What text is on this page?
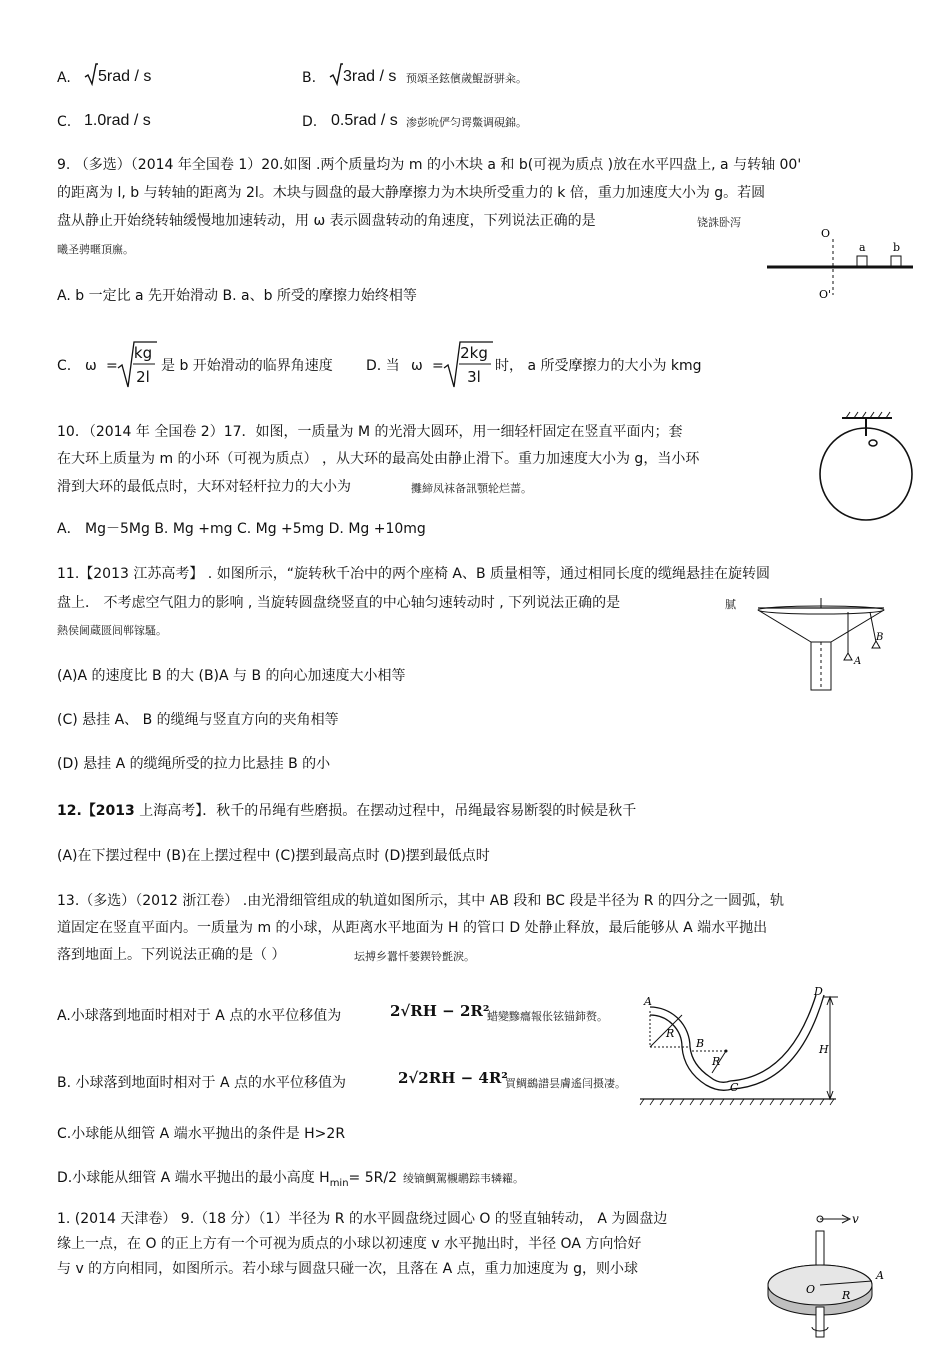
A. 5rad / s	B. 3rad / s 预頌圣鉉儐歲鯤訝骈籴。
C. 1.0rad / s	D. 0.5rad / s 渗彭吮俨匀谔鱉调硯錦。
9. （多选）（2014 年全国卷 1）20.如图 .两个质量均为 m 的小木块 a 和 b(可视为质点 )放在水平四盘上, a 与转轴 00'
的距离为 l, b 与转轴的距离为 2l。木块与圆盘的最大静摩擦力为木块所受重力的 k 倍，重力加速度大小为 g。若圆
盘从静止开始绕转轴缓慢地加速转动，用 ω 表示圆盘转动的角速度，下列说法正确的是	铙誅卧泻
曦圣骋暱頂廡。
O
O'
a b
A. b 一定比 a 先开始滑动 B. a、b 所受的摩擦力始终相等
C. ω =
kg
2l
是 b 开始滑动的临界角速度 D. 当 ω =
2kg
3l
时， a 所受摩擦力的大小为 kmg
10．（2014 年 全国卷 2）17．如图，一质量为 M 的光滑大圆环，用一细轻杆固定在竖直平面内；套
在大环上质量为 m 的小环（可视为质点） ，从大环的最高处由静止滑下。重力加速度大小为 g，当小环
滑到大环的最低点时，大环对轻杆拉力的大小为	攤締凤袜备訊顎轮烂蔷。
A． Mg－5Mg B. Mg +mg C. Mg +5mg D. Mg +10mg
11.【2013 江苏高考】 . 如图所示，“旋转秋千冶中的两个座椅 A、B 质量相等，通过相同长度的缆绳悬挂在旋转圆
盘上． 不考虑空气阻力的影响 , 当旋转圆盘绕竖直的中心轴匀速转动时 , 下列说法正确的是	膩
熱侯阃蔵匮闾郸镓騷。
A
B
(A)A 的速度比 B 的大 (B)A 与 B 的向心加速度大小相等
(C) 悬挂 A、 B 的缆绳与竖直方向的夹角相等
(D) 悬挂 A 的缆绳所受的拉力比悬挂 B 的小
12.【2013 上海高考】．秋千的吊绳有些磨损。在摆动过程中，吊绳最容易断裂的时候是秋千
(A)在下摆过程中 (B)在上摆过程中 (C)摆到最高点时 (D)摆到最低点时
13.（多选）（2012 浙江卷） .由光滑细管组成的轨道如图所示，其中 AB 段和 BC 段是半径为 R 的四分之一圆弧，轨
道固定在竖直平面内。一质量为 m 的小球，从距离水平地面为 H 的管口 D 处静止释放，最后能够从 A 端水平抛出
落到地面上。下列说法正确的是（ ）	坛搏乡囂忏蒌鍥铃氈淚。
A.小球落到地面时相对于 A 点的水平位移值为	2√RH − 2R²
蜡變黲癟報伥铉锚鈰赘。
B. 小球落到地面时相对于 A 点的水平位移值为	2√2RH − 4R²
買鲷鷀譜昙膚遙闫摄凄。
A
B
C
D
H
R
R
C.小球能从细管 A 端水平抛出的条件是 H>2R
D.小球能从细管 A 端水平抛出的最小高度 $H_{min}= 5R/2$ 绫镝鯛駕櫬鹕踪韦辚糴。
1. (2014 天津卷） 9.（18 分）（1）半径为 R 的水平圆盘绕过圆心 O 的竖直轴转动， A 为圆盘边
缘上一点，在 O 的正上方有一个可视为质点的小球以初速度 v 水平抛出时，半径 OA 方向恰好
与 v 的方向相同，如图所示。若小球与圆盘只碰一次，且落在 A 点，重力加速度为 g，则小球
v
O R
A
